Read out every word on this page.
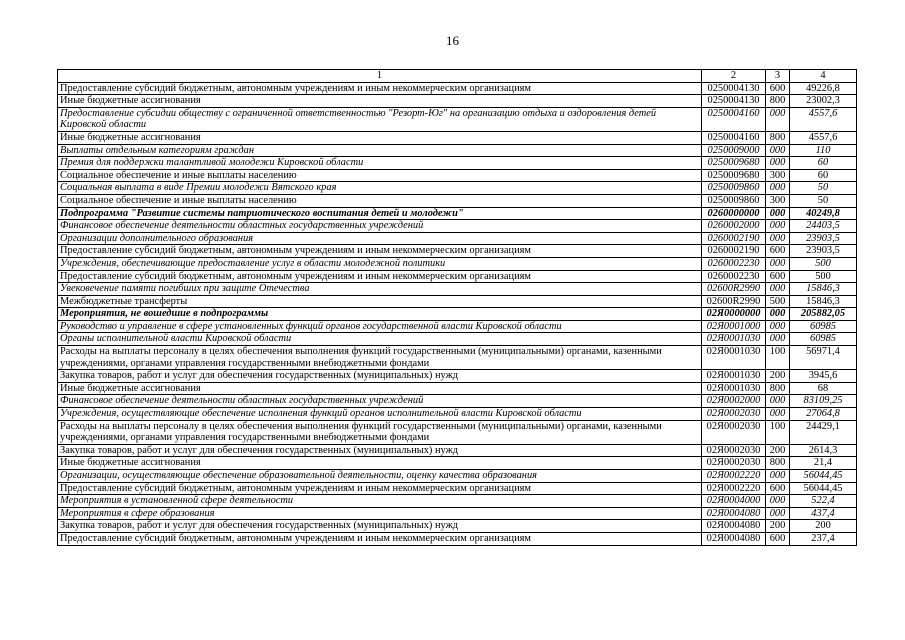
16
1	2	3	4
Предоставление субсидий бюджетным, автономным учреждениям и иным некоммерческим организациям	0250004130	600	49226,8
Иные бюджетные ассигнования	0250004130	800	23002,3
Предоставление субсидии обществу с ограниченной ответственностью "Резорт-Юг" на организацию отдыха и оздоровления детей Кировской области	0250004160	000	4557,6
Иные бюджетные ассигнования	0250004160	800	4557,6
Выплаты отдельным категориям граждан	0250009000	000	110
Премия для поддержки талантливой молодежи Кировской области	0250009680	000	60
Социальное обеспечение и иные выплаты населению	0250009680	300	60
Социальная выплата в виде Премии молодежи Вятского края	0250009860	000	50
Социальное обеспечение и иные выплаты населению	0250009860	300	50
Подпрограмма "Развитие системы патриотического воспитания детей и молодежи"	0260000000	000	40249,8
Финансовое обеспечение деятельности областных государственных учреждений	0260002000	000	24403,5
Организации дополнительного образования	0260002190	000	23903,5
Предоставление субсидий бюджетным, автономным учреждениям и иным некоммерческим организациям	0260002190	600	23903,5
Учреждения, обеспечивающие предоставление услуг в области молодежной политики	0260002230	000	500
Предоставление субсидий бюджетным, автономным учреждениям и иным некоммерческим организациям	0260002230	600	500
Увековечение памяти погибших при защите Отечества	02600R2990	000	15846,3
Межбюджетные трансферты	02600R2990	500	15846,3
Мероприятия, не вошедшие в подпрограммы	02Я0000000	000	205882,05
Руководство и управление в сфере установленных функций органов государственной власти Кировской области	02Я0001000	000	60985
Органы исполнительной власти Кировской области	02Я0001030	000	60985
Расходы на выплаты персоналу в целях обеспечения выполнения функций государственными (муниципальными) органами, казенными учреждениями, органами управления государственными внебюджетными фондами	02Я0001030	100	56971,4
Закупка товаров, работ и услуг для обеспечения государственных (муниципальных) нужд	02Я0001030	200	3945,6
Иные бюджетные ассигнования	02Я0001030	800	68
Финансовое обеспечение деятельности областных государственных учреждений	02Я0002000	000	83109,25
Учреждения, осуществляющие обеспечение исполнения функций органов исполнительной власти Кировской области	02Я0002030	000	27064,8
Расходы на выплаты персоналу в целях обеспечения выполнения функций государственными (муниципальными) органами, казенными учреждениями, органами управления государственными внебюджетными фондами	02Я0002030	100	24429,1
Закупка товаров, работ и услуг для обеспечения государственных (муниципальных) нужд	02Я0002030	200	2614,3
Иные бюджетные ассигнования	02Я0002030	800	21,4
Организации, осуществляющие обеспечение образовательной деятельности, оценку качества образования	02Я0002220	000	56044,45
Предоставление субсидий бюджетным, автономным учреждениям и иным некоммерческим организациям	02Я0002220	600	56044,45
Мероприятия в установленной сфере деятельности	02Я0004000	000	522,4
Мероприятия в сфере образования	02Я0004080	000	437,4
Закупка товаров, работ и услуг для обеспечения государственных (муниципальных) нужд	02Я0004080	200	200
Предоставление субсидий бюджетным, автономным учреждениям и иным некоммерческим организациям	02Я0004080	600	237,4
